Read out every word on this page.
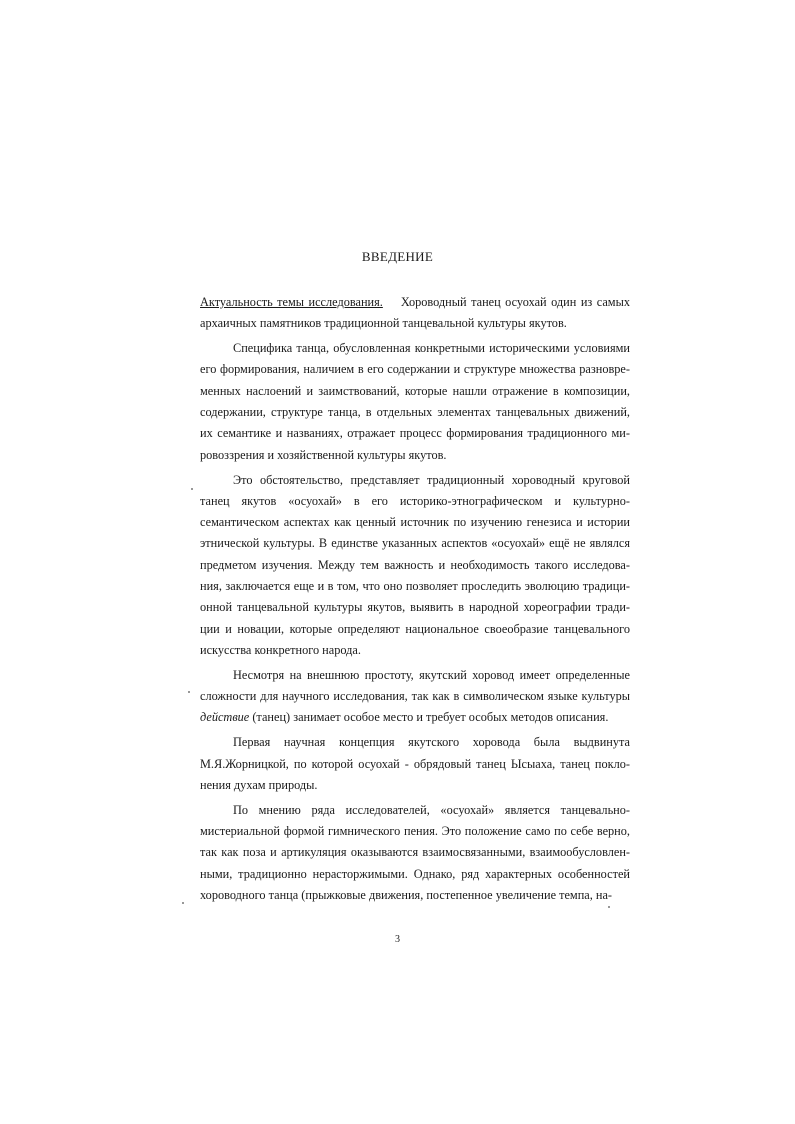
ВВЕДЕНИЕ

Актуальность темы исследования. Хороводный танец осуохай один из самых
архаичных памятников традиционной танцевальной культуры якутов.

Специфика танца, обусловленная конкретными историческими условиями
его формирования, наличием в его содержании и структуре множества разновре-
менных наслоений и заимствований, которые нашли отражение в композиции,
содержании, структуре танца, в отдельных элементах танцевальных движений,
их семантике и названиях, отражает процесс формирования традиционного ми-
ровоззрения и хозяйственной культуры якутов.

Это обстоятельство, представляет традиционный хороводный круговой
танец якутов «осуохай» в его историко-этнографическом и культурно-
семантическом аспектах как ценный источник по изучению генезиса и истории
этнической культуры. В единстве указанных аспектов «осуохай» ещё не являлся
предметом изучения. Между тем важность и необходимость такого исследова-
ния, заключается еще и в том, что оно позволяет проследить эволюцию традици-
онной танцевальной культуры якутов, выявить в народной хореографии тради-
ции и новации, которые определяют национальное своеобразие танцевального
искусства конкретного народа.

Несмотря на внешнюю простоту, якутский хоровод имеет определенные
сложности для научного исследования, так как в символическом языке культуры
действие (танец) занимает особое место и требует особых методов описания.

Первая научная концепция якутского хоровода была выдвинута
М.Я.Жорницкой, по которой осуохай - обрядовый танец Ысыаха, танец покло-
нения духам природы.

По мнению ряда исследователей, «осуохай» является танцевально-
мистериальной формой гимнического пения. Это положение само по себе верно,
так как поза и артикуляция оказываются взаимосвязанными, взаимообусловлен-
ными, традиционно нерасторжимыми. Однако, ряд характерных особенностей
хороводного танца (прыжковые движения, постепенное увеличение темпа, на-

3
